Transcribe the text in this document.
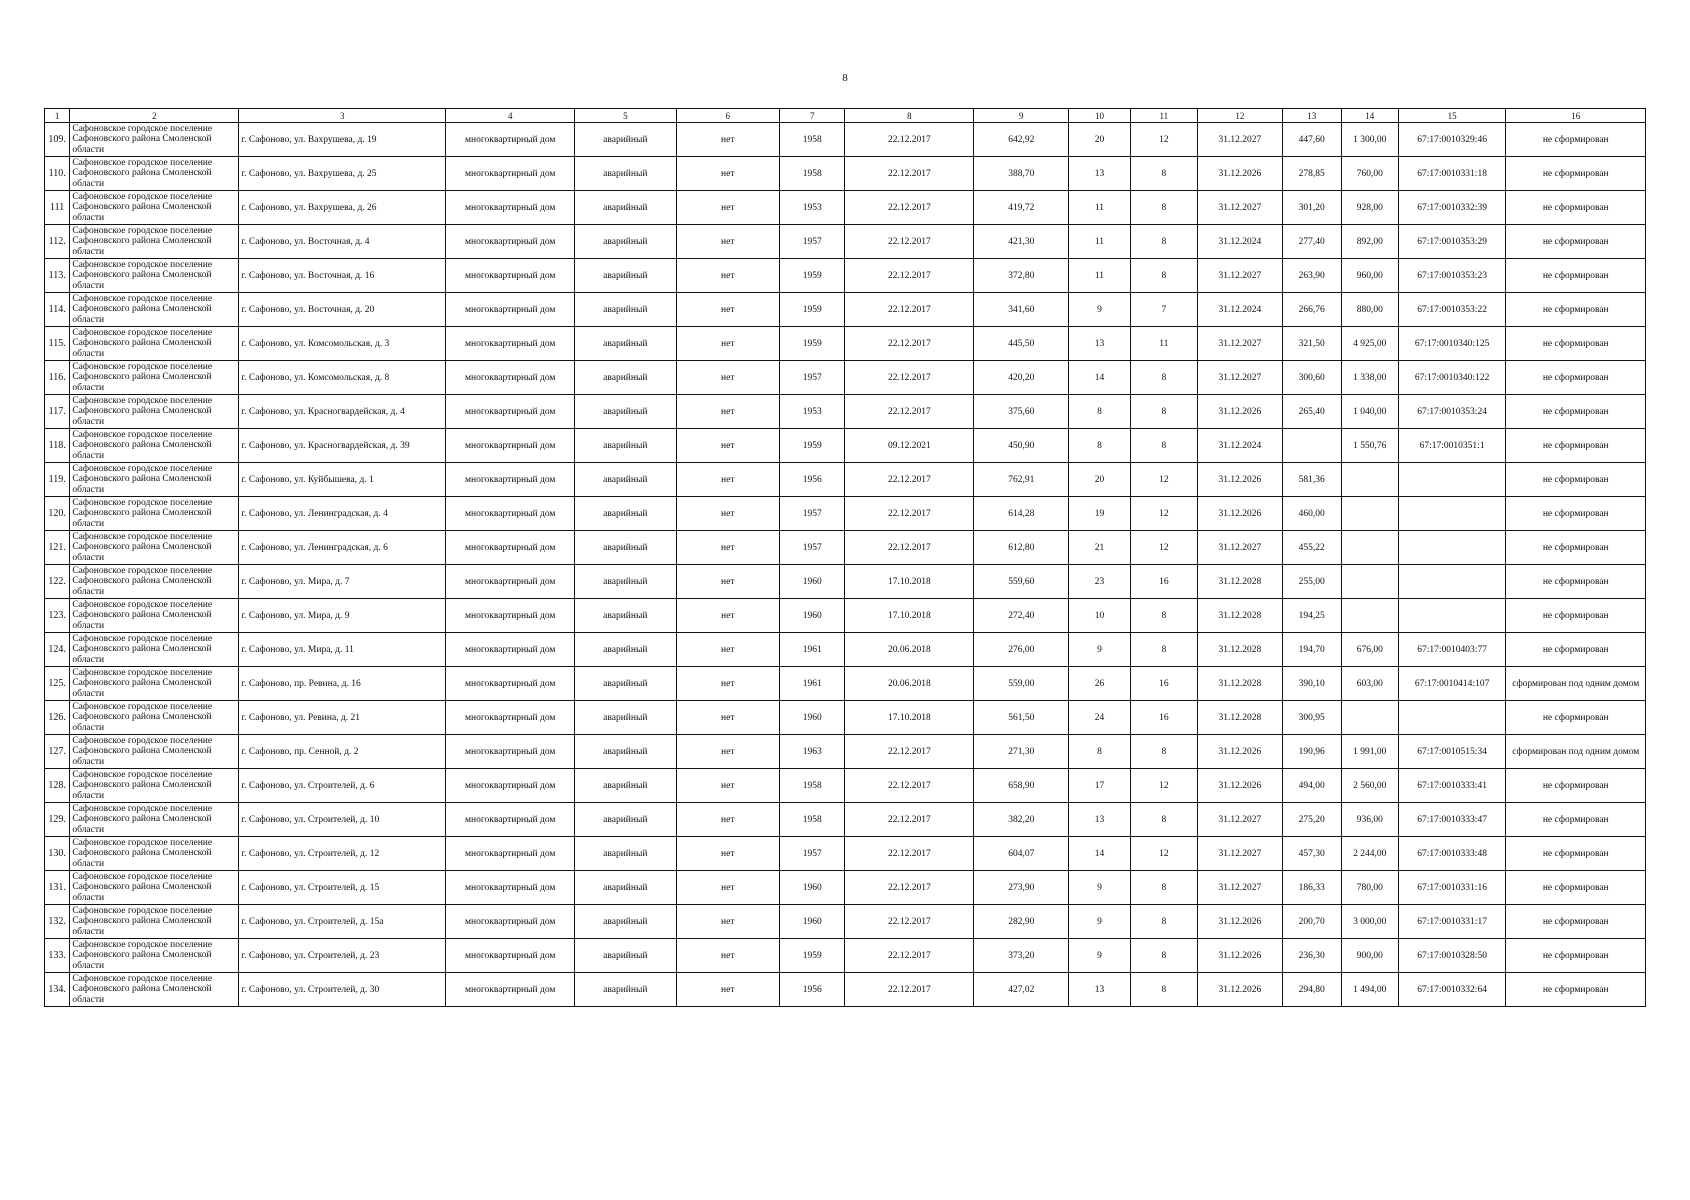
8
1	2	3	4	5	6	7	8	9	10	11	12	13	14	15	16
109.	Сафоновское городское поселение Сафоновского района Смоленской области	г. Сафоново, ул. Вахрушева, д. 19	многоквартирный дом	аварийный	нет	1958	22.12.2017	642,92	20	12	31.12.2027	447,60	1 300,00	67:17:0010329:46	не сформирован
110.	Сафоновское городское поселение Сафоновского района Смоленской области	г. Сафоново, ул. Вахрушева, д. 25	многоквартирный дом	аварийный	нет	1958	22.12.2017	388,70	13	8	31.12.2026	278,85	760,00	67:17:0010331:18	не сформирован
111	Сафоновское городское поселение Сафоновского района Смоленской области	г. Сафоново, ул. Вахрушева, д. 26	многоквартирный дом	аварийный	нет	1953	22.12.2017	419,72	11	8	31.12.2027	301,20	928,00	67:17:0010332:39	не сформирован
112.	Сафоновское городское поселение Сафоновского района Смоленской области	г. Сафоново, ул. Восточная, д. 4	многоквартирный дом	аварийный	нет	1957	22.12.2017	421,30	11	8	31.12.2024	277,40	892,00	67:17:0010353:29	не сформирован
113.	Сафоновское городское поселение Сафоновского района Смоленской области	г. Сафоново, ул. Восточная, д. 16	многоквартирный дом	аварийный	нет	1959	22.12.2017	372,80	11	8	31.12.2027	263,90	960,00	67:17:0010353:23	не сформирован
114.	Сафоновское городское поселение Сафоновского района Смоленской области	г. Сафоново, ул. Восточная, д. 20	многоквартирный дом	аварийный	нет	1959	22.12.2017	341,60	9	7	31.12.2024	266,76	880,00	67:17:0010353:22	не сформирован
115.	Сафоновское городское поселение Сафоновского района Смоленской области	г. Сафоново, ул. Комсомольская, д. 3	многоквартирный дом	аварийный	нет	1959	22.12.2017	445,50	13	11	31.12.2027	321,50	4 925,00	67:17:0010340:125	не сформирован
116.	Сафоновское городское поселение Сафоновского района Смоленской области	г. Сафоново, ул. Комсомольская, д. 8	многоквартирный дом	аварийный	нет	1957	22.12.2017	420,20	14	8	31.12.2027	300,60	1 338,00	67:17:0010340:122	не сформирован
117.	Сафоновское городское поселение Сафоновского района Смоленской области	г. Сафоново, ул. Красногвардейская, д. 4	многоквартирный дом	аварийный	нет	1953	22.12.2017	375,60	8	8	31.12.2026	265,40	1 040,00	67:17:0010353:24	не сформирован
118.	Сафоновское городское поселение Сафоновского района Смоленской области	г. Сафоново, ул. Красногвардейская, д. 39	многоквартирный дом	аварийный	нет	1959	09.12.2021	450,90	8	8	31.12.2024		1 550,76	67:17:0010351:1	не сформирован
119.	Сафоновское городское поселение Сафоновского района Смоленской области	г. Сафоново, ул. Куйбышева, д. 1	многоквартирный дом	аварийный	нет	1956	22.12.2017	762,91	20	12	31.12.2026	581,36			не сформирован
120.	Сафоновское городское поселение Сафоновского района Смоленской области	г. Сафоново, ул. Ленинградская, д. 4	многоквартирный дом	аварийный	нет	1957	22.12.2017	614,28	19	12	31.12.2026	460,00			не сформирован
121.	Сафоновское городское поселение Сафоновского района Смоленской области	г. Сафоново, ул. Ленинградская, д. 6	многоквартирный дом	аварийный	нет	1957	22.12.2017	612,80	21	12	31.12.2027	455,22			не сформирован
122.	Сафоновское городское поселение Сафоновского района Смоленской области	г. Сафоново, ул. Мира, д. 7	многоквартирный дом	аварийный	нет	1960	17.10.2018	559,60	23	16	31.12.2028	255,00			не сформирован
123.	Сафоновское городское поселение Сафоновского района Смоленской области	г. Сафоново, ул. Мира, д. 9	многоквартирный дом	аварийный	нет	1960	17.10.2018	272,40	10	8	31.12.2028	194,25			не сформирован
124.	Сафоновское городское поселение Сафоновского района Смоленской области	г. Сафоново, ул. Мира, д. 11	многоквартирный дом	аварийный	нет	1961	20.06.2018	276,00	9	8	31.12.2028	194,70	676,00	67:17:0010403:77	не сформирован
125.	Сафоновское городское поселение Сафоновского района Смоленской области	г. Сафоново, пр. Ревина, д. 16	многоквартирный дом	аварийный	нет	1961	20.06.2018	559,00	26	16	31.12.2028	390,10	603,00	67:17:0010414:107	сформирован под одним домом
126.	Сафоновское городское поселение Сафоновского района Смоленской области	г. Сафоново, ул. Ревина, д. 21	многоквартирный дом	аварийный	нет	1960	17.10.2018	561,50	24	16	31.12.2028	300,95			не сформирован
127.	Сафоновское городское поселение Сафоновского района Смоленской области	г. Сафоново, пр. Сенной, д. 2	многоквартирный дом	аварийный	нет	1963	22.12.2017	271,30	8	8	31.12.2026	190,96	1 991,00	67:17:0010515:34	сформирован под одним домом
128.	Сафоновское городское поселение Сафоновского района Смоленской области	г. Сафоново, ул. Строителей, д. 6	многоквартирный дом	аварийный	нет	1958	22.12.2017	658,90	17	12	31.12.2026	494,00	2 560,00	67:17:0010333:41	не сформирован
129.	Сафоновское городское поселение Сафоновского района Смоленской области	г. Сафоново, ул. Строителей, д. 10	многоквартирный дом	аварийный	нет	1958	22.12.2017	382,20	13	8	31.12.2027	275,20	936,00	67:17:0010333:47	не сформирован
130.	Сафоновское городское поселение Сафоновского района Смоленской области	г. Сафоново, ул. Строителей, д. 12	многоквартирный дом	аварийный	нет	1957	22.12.2017	604,07	14	12	31.12.2027	457,30	2 244,00	67:17:0010333:48	не сформирован
131.	Сафоновское городское поселение Сафоновского района Смоленской области	г. Сафоново, ул. Строителей, д. 15	многоквартирный дом	аварийный	нет	1960	22.12.2017	273,90	9	8	31.12.2027	186,33	780,00	67:17:0010331:16	не сформирован
132.	Сафоновское городское поселение Сафоновского района Смоленской области	г. Сафоново, ул. Строителей, д. 15а	многоквартирный дом	аварийный	нет	1960	22.12.2017	282,90	9	8	31.12.2026	200,70	3 000,00	67:17:0010331:17	не сформирован
133.	Сафоновское городское поселение Сафоновского района Смоленской области	г. Сафоново, ул. Строителей, д. 23	многоквартирный дом	аварийный	нет	1959	22.12.2017	373,20	9	8	31.12.2026	236,30	900,00	67:17:0010328:50	не сформирован
134.	Сафоновское городское поселение Сафоновского района Смоленской области	г. Сафоново, ул. Строителей, д. 30	многоквартирный дом	аварийный	нет	1956	22.12.2017	427,02	13	8	31.12.2026	294,80	1 494,00	67:17:0010332:64	не сформирован
